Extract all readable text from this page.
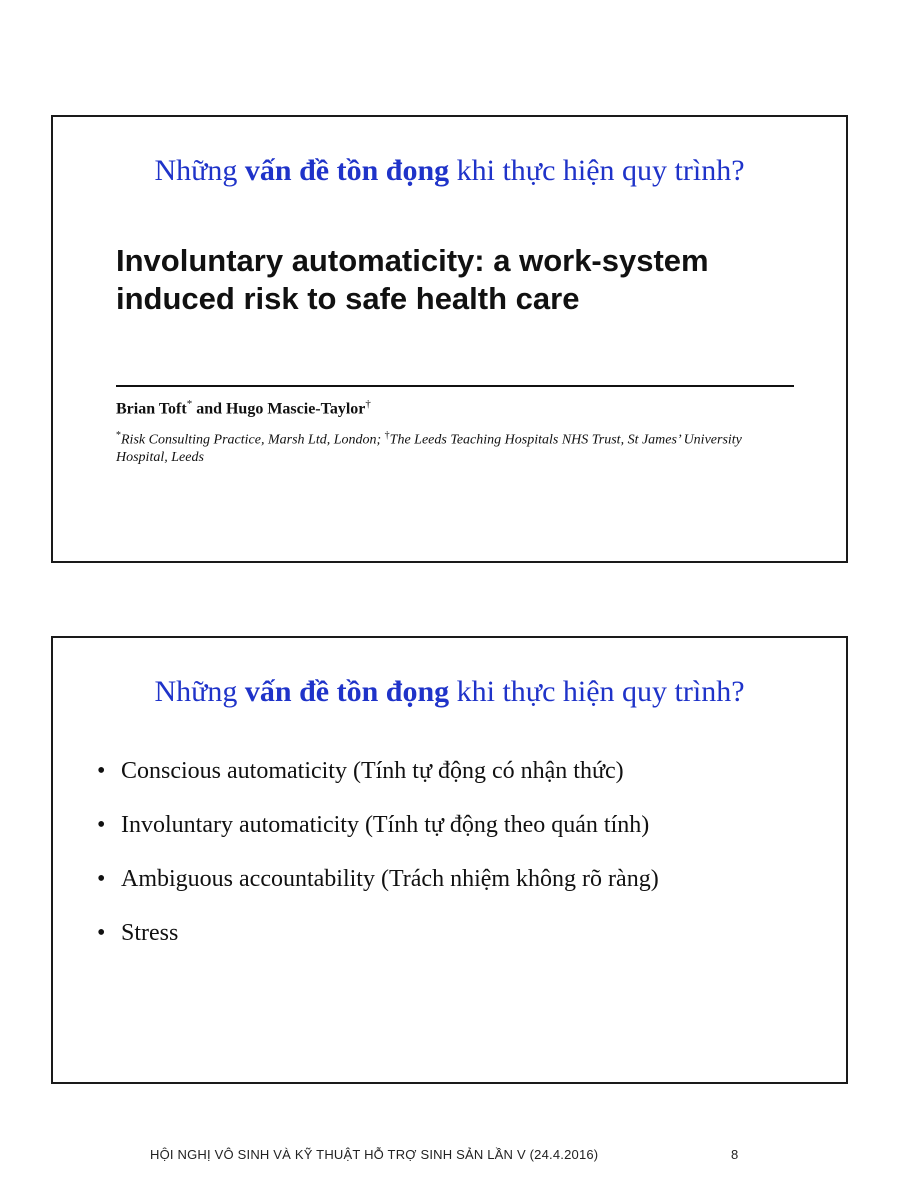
Những vấn đề tồn đọng khi thực hiện quy trình?
Involuntary automaticity: a work-system
induced risk to safe health care
Brian Toft* and Hugo Mascie-Taylor†
*Risk Consulting Practice, Marsh Ltd, London; †The Leeds Teaching Hospitals NHS Trust, St James’ University Hospital, Leeds
Những vấn đề tồn đọng khi thực hiện quy trình?
• Conscious automaticity (Tính tự động có nhận thức)
• Involuntary automaticity (Tính tự động theo quán tính)
• Ambiguous accountability (Trách nhiệm không rõ ràng)
• Stress
HỘI NGHỊ VÔ SINH VÀ KỸ THUẬT HỖ TRỢ SINH SẢN LẦN V (24.4.2016)	8
